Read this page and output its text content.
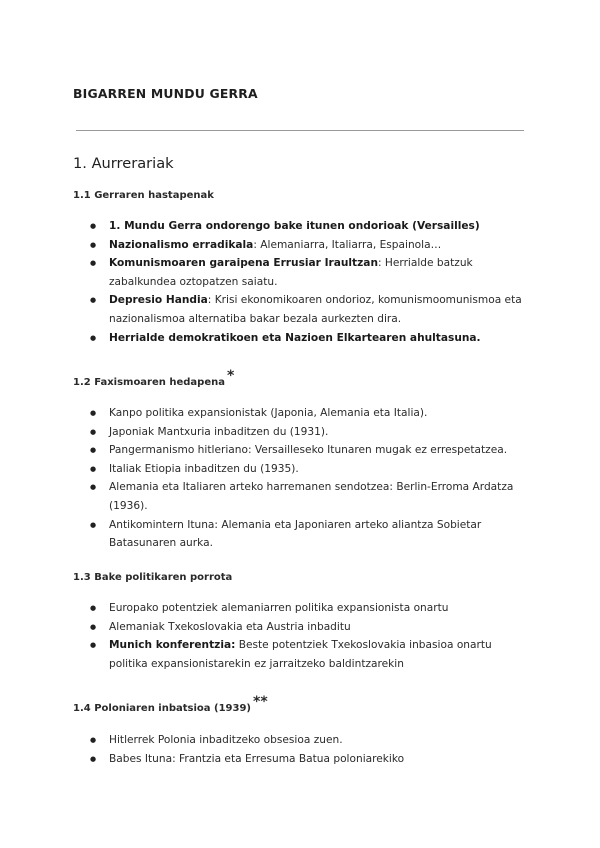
BIGARREN MUNDU GERRA
1. Aurrerariak
1.1 Gerraren hastapenak
● 1. Mundu Gerra ondorengo bake itunen ondorioak (Versailles)
● Nazionalismo erradikala: Alemaniarra, Italiarra, Espainola…
● Komunismoaren garaipena Errusiar Iraultzan: Herrialde batzuk zabalkundea oztopatzen saiatu.
● Depresio Handia: Krisi ekonomikoaren ondorioz, komunismoomunismoa eta nazionalismoa alternatiba bakar bezala aurkezten dira.
● Herrialde demokratikoen eta Nazioen Elkartearen ahultasuna.
1.2 Faxismoaren hedapena *
● Kanpo politika expansionistak (Japonia, Alemania eta Italia).
● Japoniak Mantxuria inbaditzen du (1931).
● Pangermanismo hitleriano: Versailleseko Itunaren mugak ez errespetatzea.
● Italiak Etiopia inbaditzen du (1935).
● Alemania eta Italiaren arteko harremanen sendotzea: Berlin-Erroma Ardatza (1936).
● Antikomintern Ituna: Alemania eta Japoniaren arteko aliantza Sobietar Batasunaren aurka.
1.3 Bake politikaren porrota
● Europako potentziek alemaniarren politika expansionista onartu
● Alemaniak Txekoslovakia eta Austria inbaditu
● Munich konferentzia: Beste potentziek Txekoslovakia inbasioa onartu politika expansionistarekin ez jarraitzeko baldintzarekin
1.4 Poloniaren inbatsioa (1939) **
● Hitlerrek Polonia inbaditzeko obsesioa zuen.
● Babes Ituna: Frantzia eta Erresuma Batua poloniarekiko
